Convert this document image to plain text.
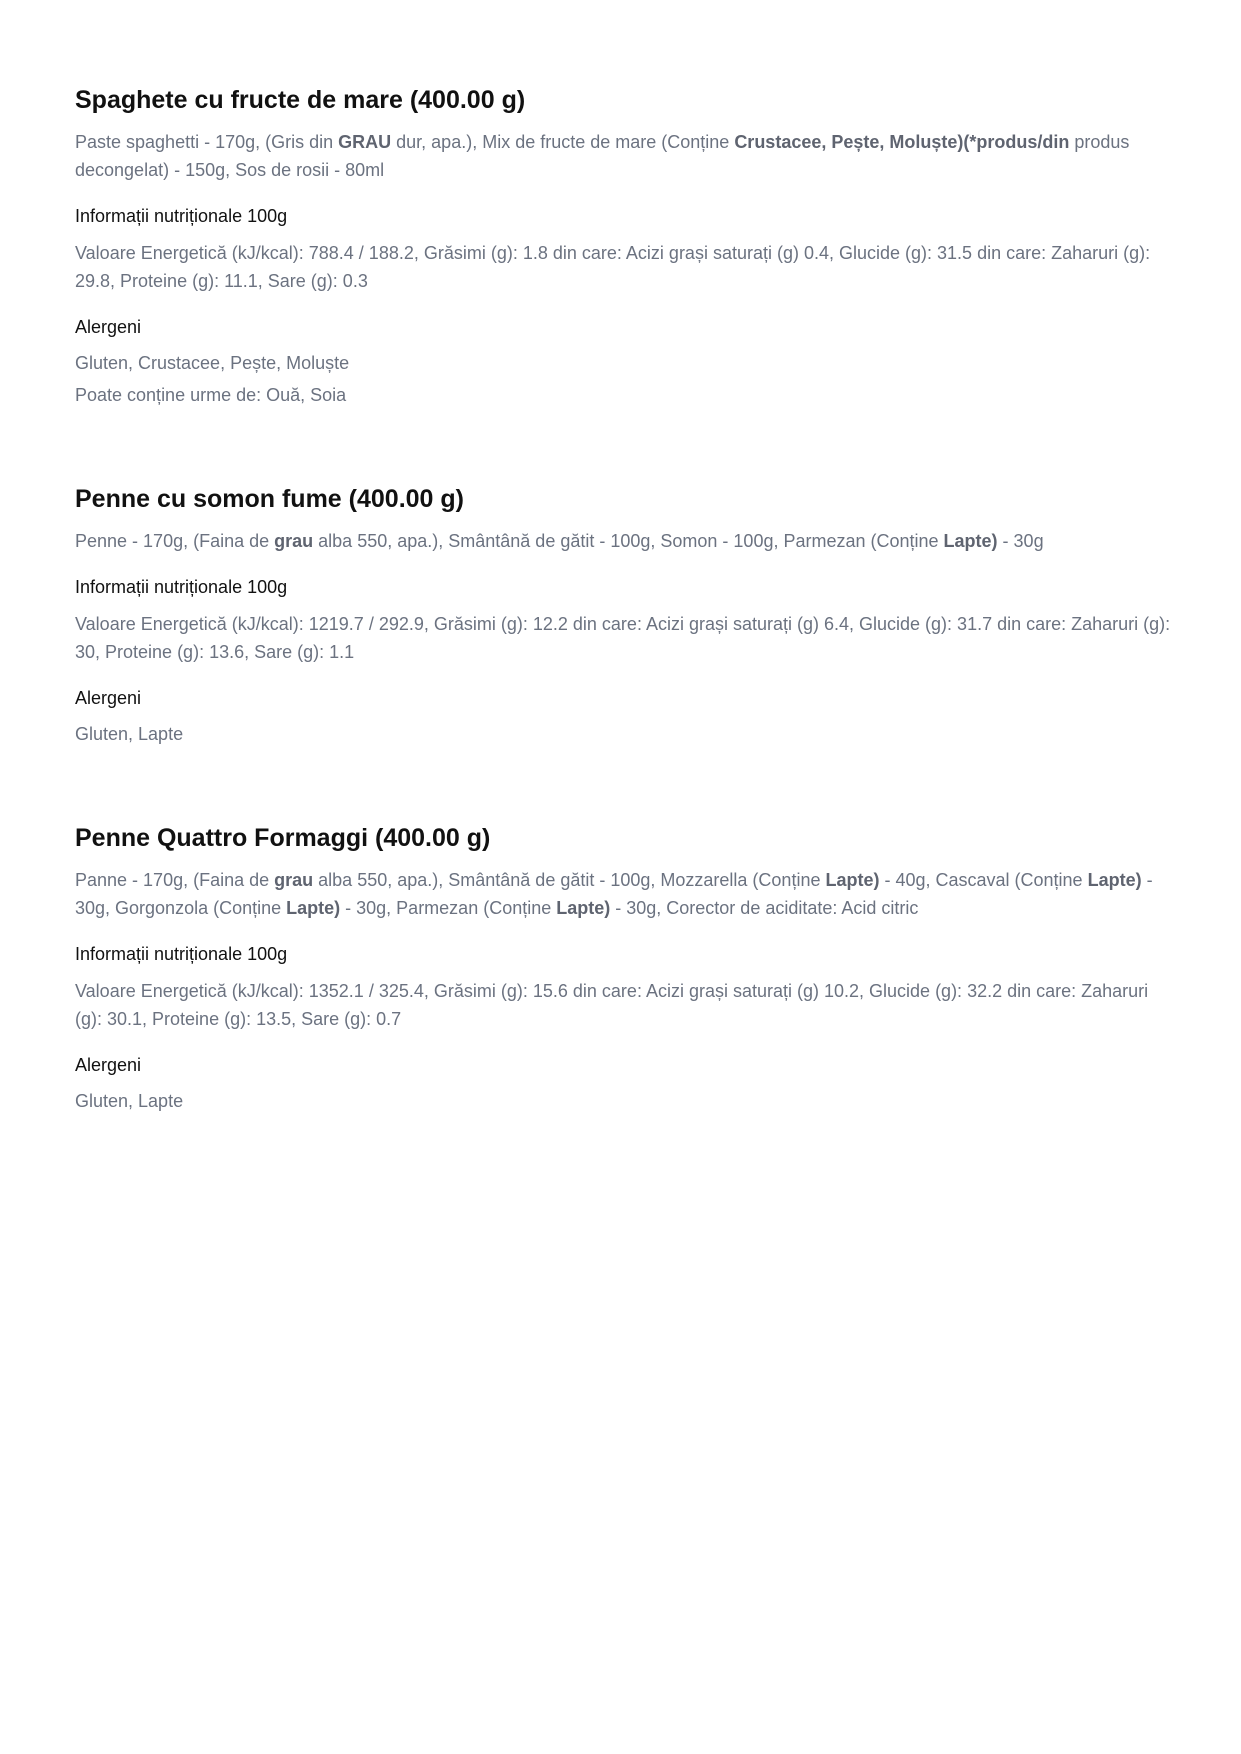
Spaghete cu fructe de mare (400.00 g)

Paste spaghetti - 170g, (Gris din GRAU dur, apa.), Mix de fructe de mare (Conține Crustacee, Pește, Moluște)(*produs/din produs decongelat) - 150g, Sos de rosii - 80ml

Informații nutriționale 100g

Valoare Energetică (kJ/kcal): 788.4 / 188.2, Grăsimi (g): 1.8 din care: Acizi grași saturați (g) 0.4, Glucide (g): 31.5 din care: Zaharuri (g): 29.8, Proteine (g): 11.1, Sare (g): 0.3

Alergeni

Gluten, Crustacee, Pește, Moluște

Poate conține urme de: Ouă, Soia

Penne cu somon fume (400.00 g)

Penne - 170g, (Faina de grau alba 550, apa.), Smântână de gătit - 100g, Somon - 100g, Parmezan (Conține Lapte) - 30g

Informații nutriționale 100g

Valoare Energetică (kJ/kcal): 1219.7 / 292.9, Grăsimi (g): 12.2 din care: Acizi grași saturați (g) 6.4, Glucide (g): 31.7 din care: Zaharuri (g): 30, Proteine (g): 13.6, Sare (g): 1.1

Alergeni

Gluten, Lapte

Penne Quattro Formaggi (400.00 g)

Panne - 170g, (Faina de grau alba 550, apa.), Smântână de gătit - 100g, Mozzarella (Conține Lapte) - 40g, Cascaval (Conține Lapte) - 30g, Gorgonzola (Conține Lapte) - 30g, Parmezan (Conține Lapte) - 30g, Corector de aciditate: Acid citric

Informații nutriționale 100g

Valoare Energetică (kJ/kcal): 1352.1 / 325.4, Grăsimi (g): 15.6 din care: Acizi grași saturați (g) 10.2, Glucide (g): 32.2 din care: Zaharuri (g): 30.1, Proteine (g): 13.5, Sare (g): 0.7

Alergeni

Gluten, Lapte
